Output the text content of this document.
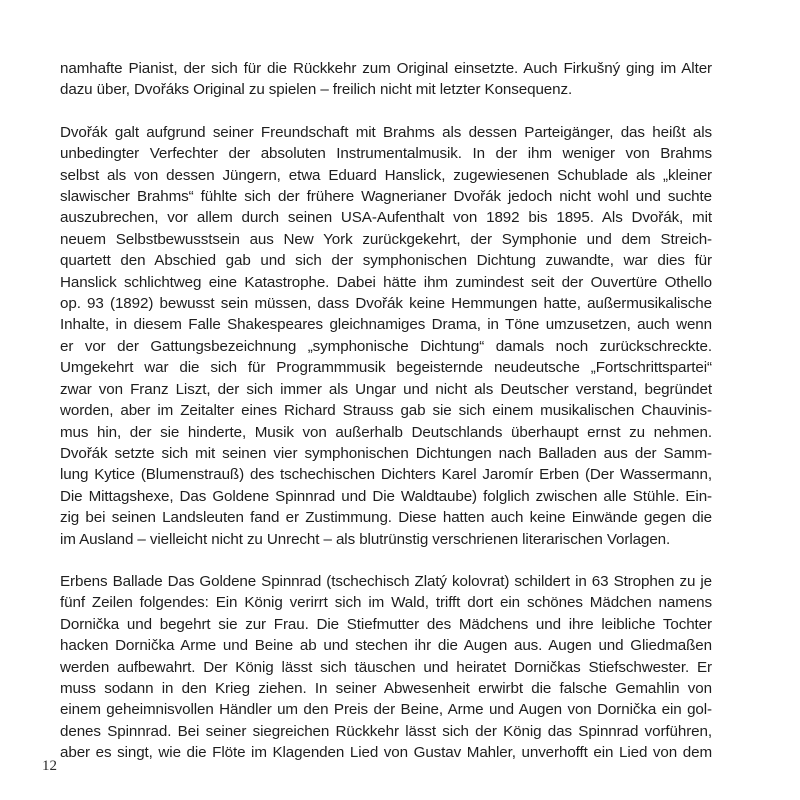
namhafte Pianist, der sich für die Rückkehr zum Original einsetzte. Auch Firkušný ging im Alter
dazu über, Dvořáks Original zu spielen – freilich nicht mit letzter Konsequenz.
Dvořák galt aufgrund seiner Freundschaft mit Brahms als dessen Parteigänger, das heißt als
unbedingter Verfechter der absoluten Instrumentalmusik. In der ihm weniger von Brahms
selbst als von dessen Jüngern, etwa Eduard Hanslick, zugewiesenen Schublade als „kleiner
slawischer Brahms“ fühlte sich der frühere Wagnerianer Dvořák jedoch nicht wohl und suchte
auszubrechen, vor allem durch seinen USA-Aufenthalt von 1892 bis 1895. Als Dvořák, mit
neuem Selbstbewusstsein aus New York zurückgekehrt, der Symphonie und dem Streich-
quartett den Abschied gab und sich der symphonischen Dichtung zuwandte, war dies für
Hanslick schlichtweg eine Katastrophe. Dabei hätte ihm zumindest seit der Ouvertüre Othello
op. 93 (1892) bewusst sein müssen, dass Dvořák keine Hemmungen hatte, außermusikalische
Inhalte, in diesem Falle Shakespeares gleichnamiges Drama, in Töne umzusetzen, auch wenn
er vor der Gattungsbezeichnung „symphonische Dichtung“ damals noch zurückschreckte.
Umgekehrt war die sich für Programmmusik begeisternde neudeutsche „Fortschrittspartei“
zwar von Franz Liszt, der sich immer als Ungar und nicht als Deutscher verstand, begründet
worden, aber im Zeitalter eines Richard Strauss gab sie sich einem musikalischen Chauvinis-
mus hin, der sie hinderte, Musik von außerhalb Deutschlands überhaupt ernst zu nehmen.
Dvořák setzte sich mit seinen vier symphonischen Dichtungen nach Balladen aus der Samm-
lung Kytice (Blumenstrauß) des tschechischen Dichters Karel Jaromír Erben (Der Wassermann,
Die Mittagshexe, Das Goldene Spinnrad und Die Waldtaube) folglich zwischen alle Stühle. Ein-
zig bei seinen Landsleuten fand er Zustimmung. Diese hatten auch keine Einwände gegen die
im Ausland – vielleicht nicht zu Unrecht – als blutrünstig verschrienen literarischen Vorlagen.
Erbens Ballade Das Goldene Spinnrad (tschechisch Zlatý kolovrat) schildert in 63 Strophen zu je
fünf Zeilen folgendes: Ein König verirrt sich im Wald, trifft dort ein schönes Mädchen namens
Dornička und begehrt sie zur Frau. Die Stiefmutter des Mädchens und ihre leibliche Tochter
hacken Dornička Arme und Beine ab und stechen ihr die Augen aus. Augen und Gliedmaßen
werden aufbewahrt. Der König lässt sich täuschen und heiratet Dorničkas Stiefschwester. Er
muss sodann in den Krieg ziehen. In seiner Abwesenheit erwirbt die falsche Gemahlin von
einem geheimnisvollen Händler um den Preis der Beine, Arme und Augen von Dornička ein gol-
denes Spinnrad. Bei seiner siegreichen Rückkehr lässt sich der König das Spinnrad vorführen,
aber es singt, wie die Flöte im Klagenden Lied von Gustav Mahler, unverhofft ein Lied von dem
12
